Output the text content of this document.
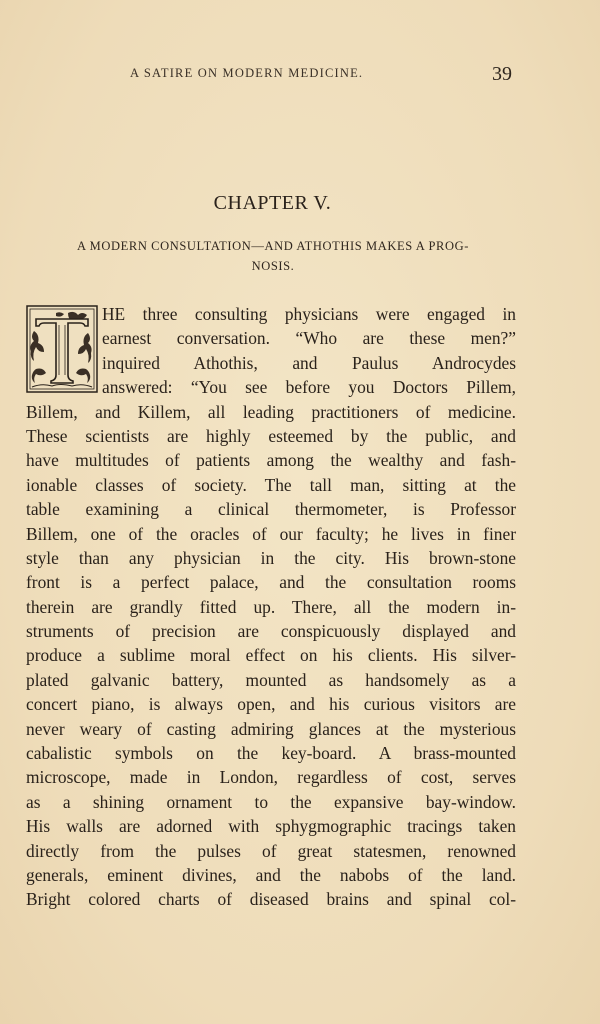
A SATIRE ON MODERN MEDICINE.	39
CHAPTER V.
A MODERN CONSULTATION—AND ATHOTHIS MAKES A PROG-
NOSIS.
HE three consulting physicians were engaged in
earnest conversation. “Who are these men?”
inquired Athothis, and Paulus Androcydes
answered: “You see before you Doctors Pillem,
Billem, and Killem, all leading practitioners of medicine.
These scientists are highly esteemed by the public, and
have multitudes of patients among the wealthy and fash-
ionable classes of society. The tall man, sitting at the
table examining a clinical thermometer, is Professor
Billem, one of the oracles of our faculty; he lives in finer
style than any physician in the city. His brown-stone
front is a perfect palace, and the consultation rooms
therein are grandly fitted up. There, all the modern in-
struments of precision are conspicuously displayed and
produce a sublime moral effect on his clients. His silver-
plated galvanic battery, mounted as handsomely as a
concert piano, is always open, and his curious visitors are
never weary of casting admiring glances at the mysterious
cabalistic symbols on the key-board. A brass-mounted
microscope, made in London, regardless of cost, serves
as a shining ornament to the expansive bay-window.
His walls are adorned with sphygmographic tracings taken
directly from the pulses of great statesmen, renowned
generals, eminent divines, and the nabobs of the land.
Bright colored charts of diseased brains and spinal col-
